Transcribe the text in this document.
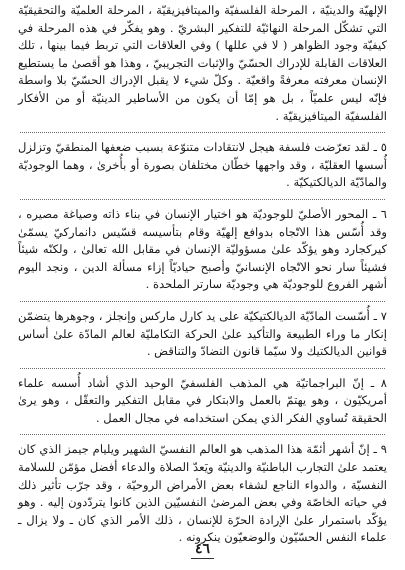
الإلهيّة والدينيّة ، المرحلة الفلسفيّة والميتافيزيقيّة ، المرحلة العلميّة والتحقيقيّة التي تشكّل المرحلة النهائيّة للتفكير البشريّ . وهو يفكّر في هذه المرحلة في كيفيّة وجود الظواهر ( لا في عللها ) وفي العلاقات التي تربط فيما بينها ، تلك العلاقات القابلة للإدراك الحسّيّ والإثبات التجريبيّ ، وهذا هو أقصىٰ ما يستطيع الإنسان معرفته معرفةً واقعيّة . وكلّ شيء لا يقبل الإدراك الحسّيّ بلا واسطة فإنّه ليس علميّاً ، بل هو إمّا أن يكون من الأساطير الدينيّة أو من الأفكار الفلسفيّة الميتافيزيقيّة .

٥ ـ لقد تعرّضت فلسفة هيجل لانتقادات متنوّعة بسبب ضعفها المنطقيّ وتزلزل أُسسها العقليّة ، وقد واجهها خطّان مختلفان بصورة أو بأُخرىٰ ، وهما الوجوديّة والمادّيّة الديالكتيكيّة .

٦ ـ المحور الأصليّ للوجوديّة هو اختيار الإنسان في بناء ذاته وصياغة مصيره ، وقد أُسّس هذا الاتّجاه بدوافع إلهيّة وقام بتأسيسه قسّيس دانماركيّ يسمّىٰ كيركجارد وهو يؤكّد علىٰ مسؤوليّة الإنسان في مقابل الله تعالىٰ ، ولكنّه شيئاً فشيئاً سار نحو الاتّجاه الإنسانيّ وأصبح حياديّاً إزاء مسألة الدين ، ونجد اليوم أشهر الفروع للوجوديّة هي وجوديّة سارتر الملحدة .

٧ ـ أُسّست المادّيّة الديالكتيكيّة على يد كارل ماركس وإنجلز ، وجوهرها يتضمّن إنكار ما وراء الطبيعة والتأكيد علىٰ الحركة التكامليّة لعالم المادّة علىٰ أساس قوانين الديالكتيك ولا سيّما قانون التضادّ والتناقض .

٨ ـ إنّ البراجماتيّة هي المذهب الفلسفيّ الوحيد الذي أشاد أُسسه علماء أمريكيّون ، وهو يهتمّ بالعمل والابتكار في مقابل التفكير والتعقّل ، وهو يرىٰ الحقيقة تُساوي الفكر الذي يمكن استخدامه في مجال العمل .

٩ ـ إنّ أشهر أئمّة هذا المذهب هو العالم النفسيّ الشهير ويليام جيمز الذي كان يعتمد علىٰ التجارب الباطنيّة والدينيّة ويَعدّ الصلاة والدعاء أفضل مؤمّن للسلامة النفسيّة ، والدواء الناجع لشفاء بعض الأمراض الروحيّة ، وقد جرّب تأثير ذلك في حياته الخاصّة وفي بعض المرضىٰ النفسيّين الذين كانوا يتردّدون إليه . وهو يؤكّد باستمرار علىٰ الإرادة الحرّة للإنسان ، ذلك الأمر الذي كان ـ ولا يزال ـ علماء النفس الحسّيّون والوضعيّون ينكرونه .

٤٦
